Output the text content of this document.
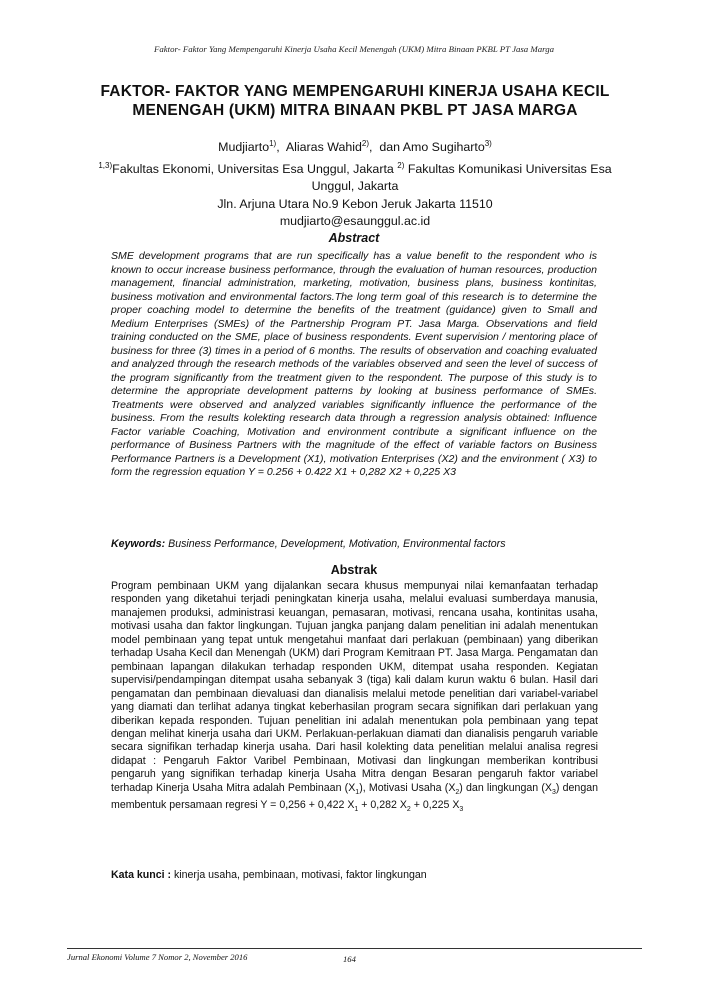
Faktor- Faktor Yang Mempengaruhi Kinerja Usaha Kecil Menengah (UKM) Mitra Binaan PKBL PT Jasa Marga
FAKTOR- FAKTOR YANG MEMPENGARUHI KINERJA USAHA KECIL
MENENGAH (UKM) MITRA BINAAN PKBL PT JASA MARGA
Mudjiarto$^{1)}$,  Aliaras Wahid$^{2)}$,  dan Amo Sugiharto$^{3)}$
$^{1,3)}$Fakultas Ekonomi, Universitas Esa Unggul, Jakarta $^{2)}$ Fakultas Komunikasi Universitas Esa
Unggul, Jakarta
Jln. Arjuna Utara No.9 Kebon Jeruk Jakarta 11510
mudjiarto@esaunggul.ac.id
Abstract
SME development programs that are run specifically has a value benefit to the respondent who is known to occur increase business performance, through the evaluation of human resources, production management, financial administration, marketing, motivation, business plans, business kontinitas, business motivation and environmental factors.The long term goal of this research is to determine the proper coaching model to determine the benefits of the treatment (guidance) given to Small and Medium Enterprises (SMEs) of the Partnership Program PT. Jasa Marga. Observations and field training conducted on the SME, place of business respondents. Event supervision / mentoring place of business for three (3) times in a period of 6 months. The results of observation and coaching evaluated and analyzed through the research methods of the variables observed and seen the level of success of the program significantly from the treatment given to the respondent. The purpose of this study is to determine the appropriate development patterns by looking at business performance of SMEs. Treatments were observed and analyzed variables significantly influence the performance of the business. From the results kolekting research data through a regression analysis obtained: Influence Factor variable Coaching, Motivation and environment contribute a significant influence on the performance of Business Partners with the magnitude of the effect of variable factors on Business Performance Partners is a Development (X1), motivation Enterprises (X2) and the environment ( X3) to form the regression equation Y = 0.256 + 0.422 X1 + 0,282 X2 + 0,225 X3
Keywords: Business Performance, Development, Motivation, Environmental factors
Abstrak
Program pembinaan UKM yang dijalankan secara khusus mempunyai nilai kemanfaatan terhadap responden yang diketahui terjadi peningkatan kinerja usaha, melalui evaluasi sumberdaya manusia, manajemen produksi, administrasi keuangan, pemasaran, motivasi, rencana usaha, kontinitas usaha, motivasi usaha dan faktor lingkungan. Tujuan jangka panjang dalam penelitian ini adalah menentukan model pembinaan yang tepat untuk mengetahui manfaat dari perlakuan (pembinaan) yang diberikan terhadap Usaha Kecil dan Menengah (UKM) dari Program Kemitraan PT. Jasa Marga. Pengamatan dan pembinaan lapangan dilakukan terhadap responden UKM, ditempat usaha responden. Kegiatan supervisi/pendampingan ditempat usaha sebanyak 3 (tiga) kali dalam kurun waktu 6 bulan. Hasil dari pengamatan dan pembinaan dievaluasi dan dianalisis melalui metode penelitian dari variabel-variabel yang diamati dan terlihat adanya tingkat keberhasilan program secara signifikan dari perlakuan yang diberikan kepada responden. Tujuan penelitian ini adalah menentukan pola pembinaan yang tepat dengan melihat kinerja usaha dari UKM. Perlakuan-perlakuan diamati dan dianalisis pengaruh variable secara signifikan terhadap kinerja usaha. Dari hasil kolekting data penelitian melalui analisa regresi didapat : Pengaruh Faktor Varibel Pembinaan, Motivasi dan lingkungan memberikan kontribusi pengaruh yang signifikan terhadap kinerja Usaha Mitra dengan Besaran pengaruh faktor variabel terhadap Kinerja Usaha Mitra adalah Pembinaan $(X_1)$, Motivasi Usaha $(X_2)$ dan lingkungan $(X_3)$ dengan membentuk persamaan regresi Y = 0,256 + 0,422 $X_1 + 0,282$ $X_2 + 0,225$ $X_3$
Kata kunci : kinerja usaha, pembinaan, motivasi, faktor lingkungan
Jurnal Ekonomi Volume 7 Nomor 2, November 2016	164
